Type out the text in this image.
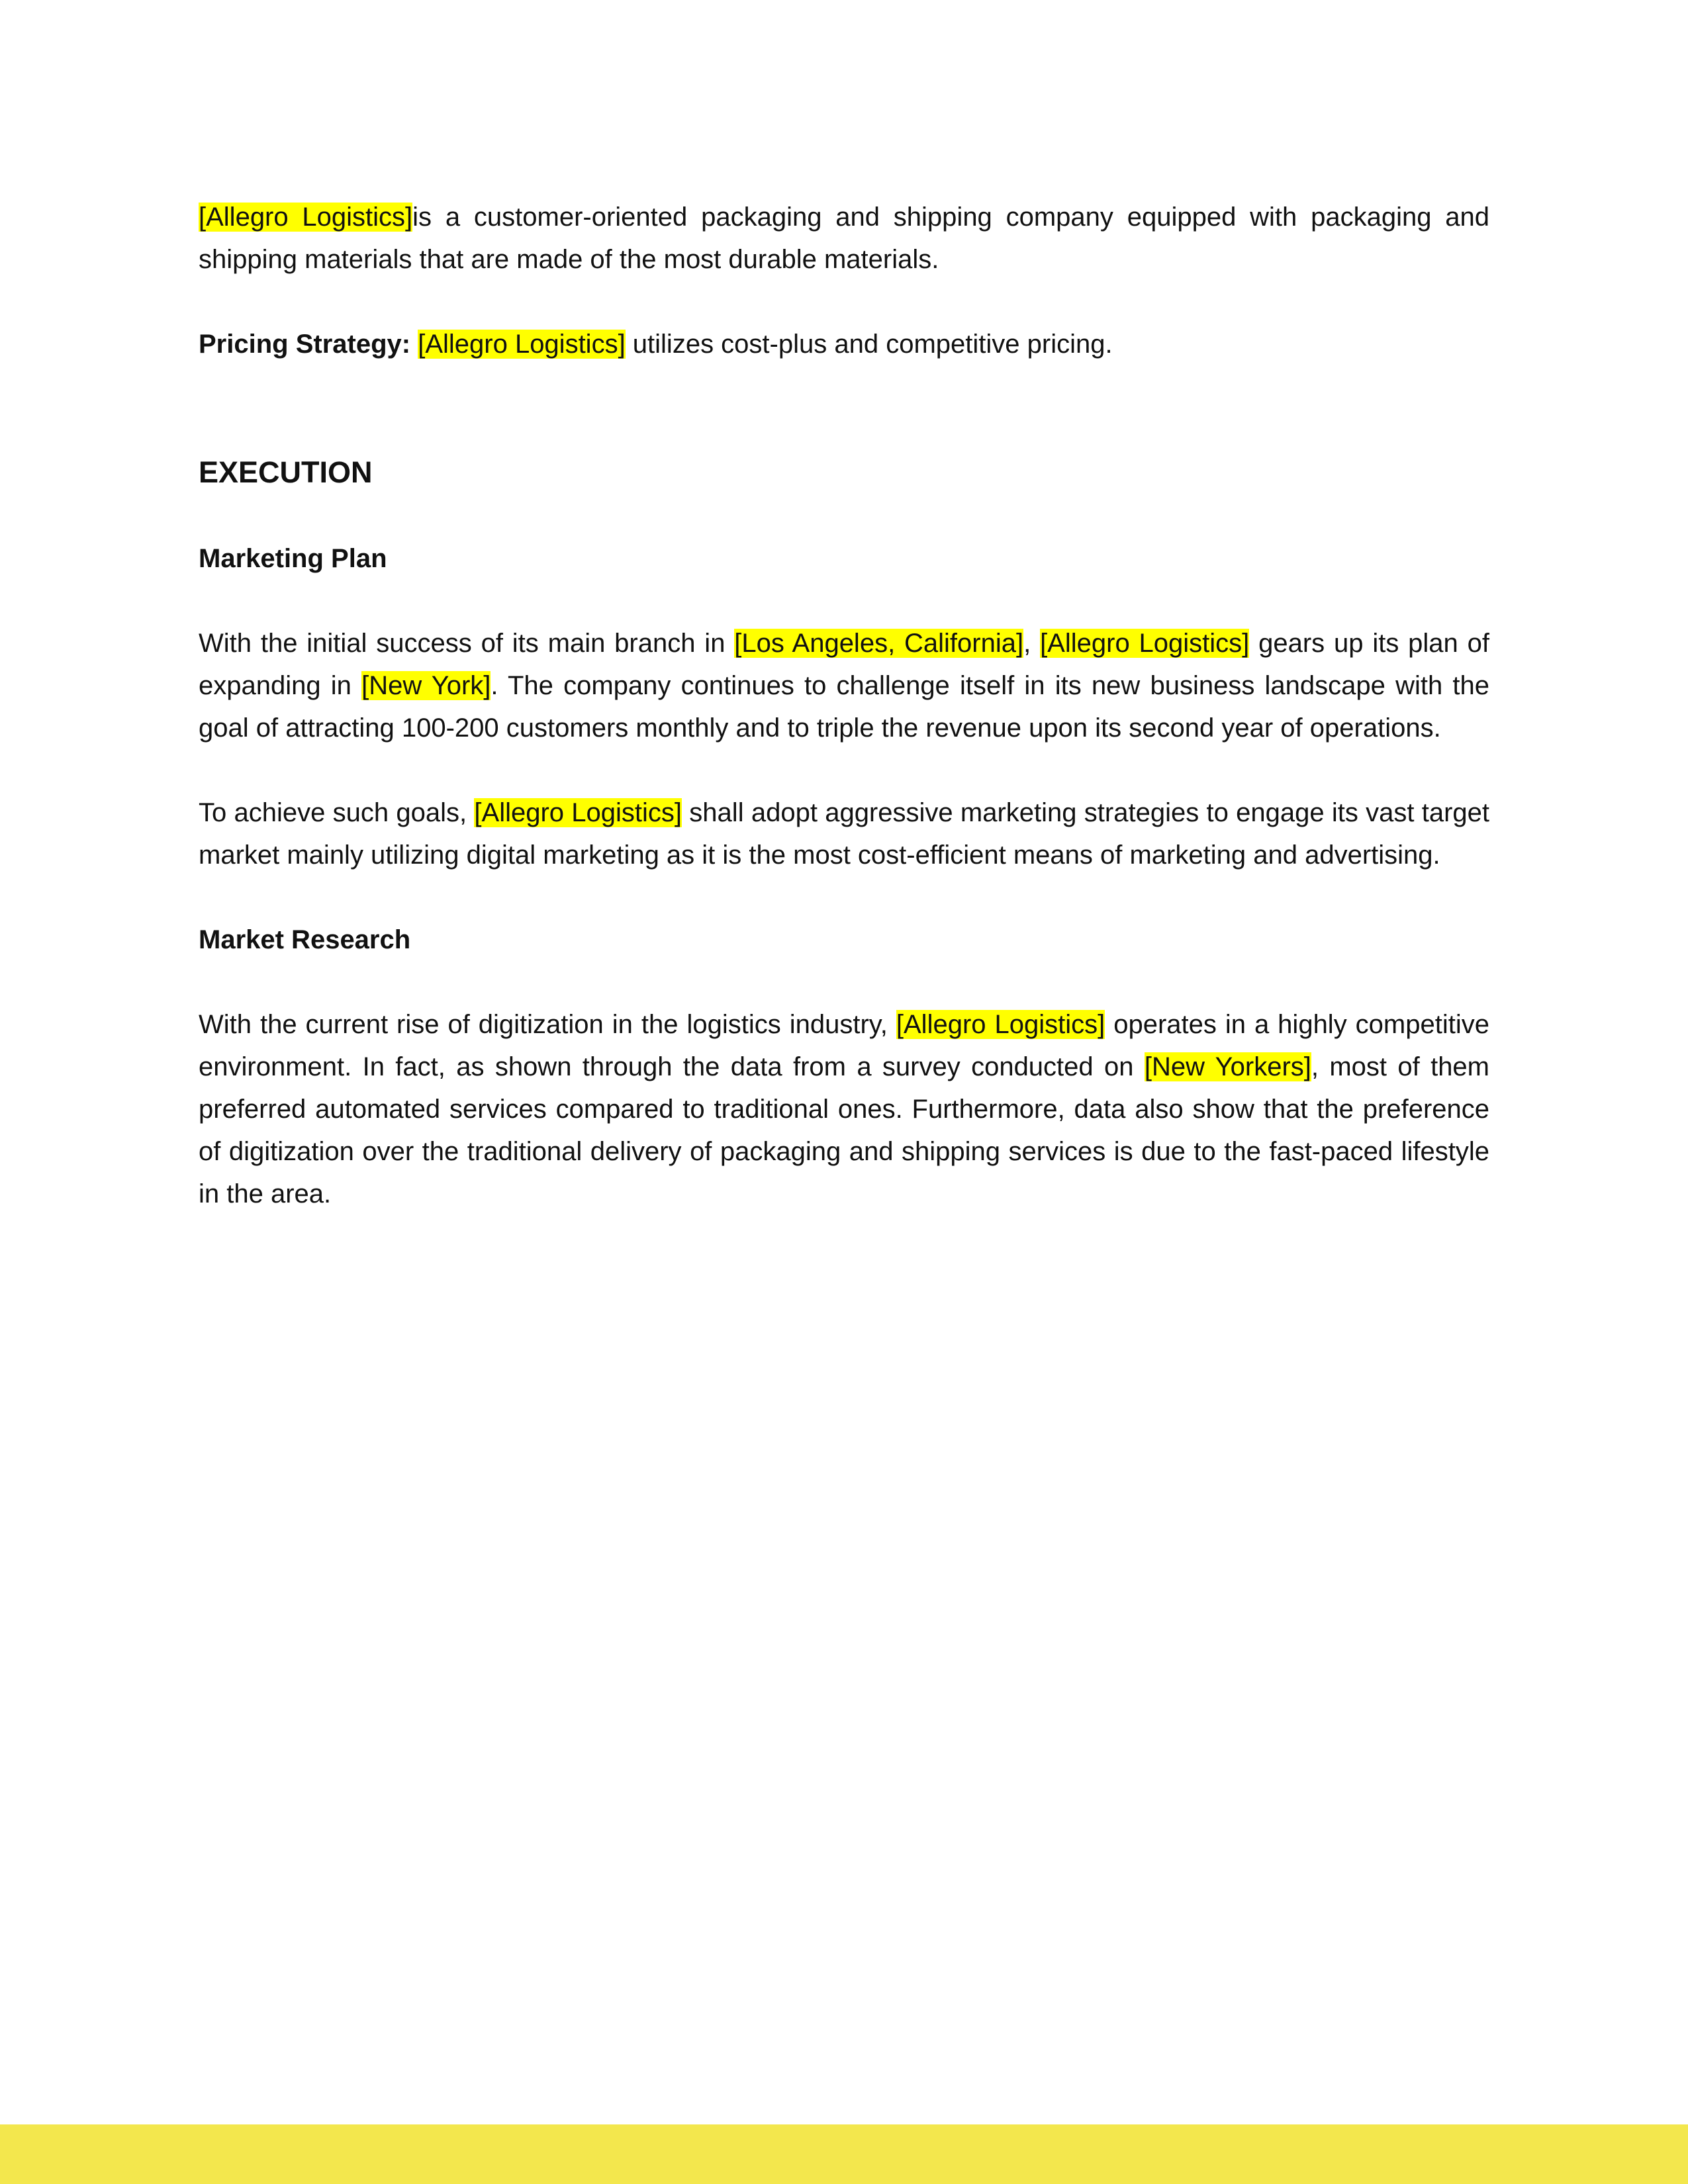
[Allegro Logistics]is a customer-oriented packaging and shipping company equipped with packaging and shipping materials that are made of the most durable materials.

Pricing Strategy: [Allegro Logistics] utilizes cost-plus and competitive pricing.

EXECUTION
Marketing Plan

With the initial success of its main branch in [Los Angeles, California], [Allegro Logistics] gears up its plan of expanding in [New York]. The company continues to challenge itself in its new business landscape with the goal of attracting 100-200 customers monthly and to triple the revenue upon its second year of operations.

To achieve such goals, [Allegro Logistics] shall adopt aggressive marketing strategies to engage its vast target market mainly utilizing digital marketing as it is the most cost-efficient means of marketing and advertising.

Market Research

With the current rise of digitization in the logistics industry, [Allegro Logistics] operates in a highly competitive environment. In fact, as shown through the data from a survey conducted on [New Yorkers], most of them preferred automated services compared to traditional ones. Furthermore, data also show that the preference of digitization over the traditional delivery of packaging and shipping services is due to the fast-paced lifestyle in the area.
